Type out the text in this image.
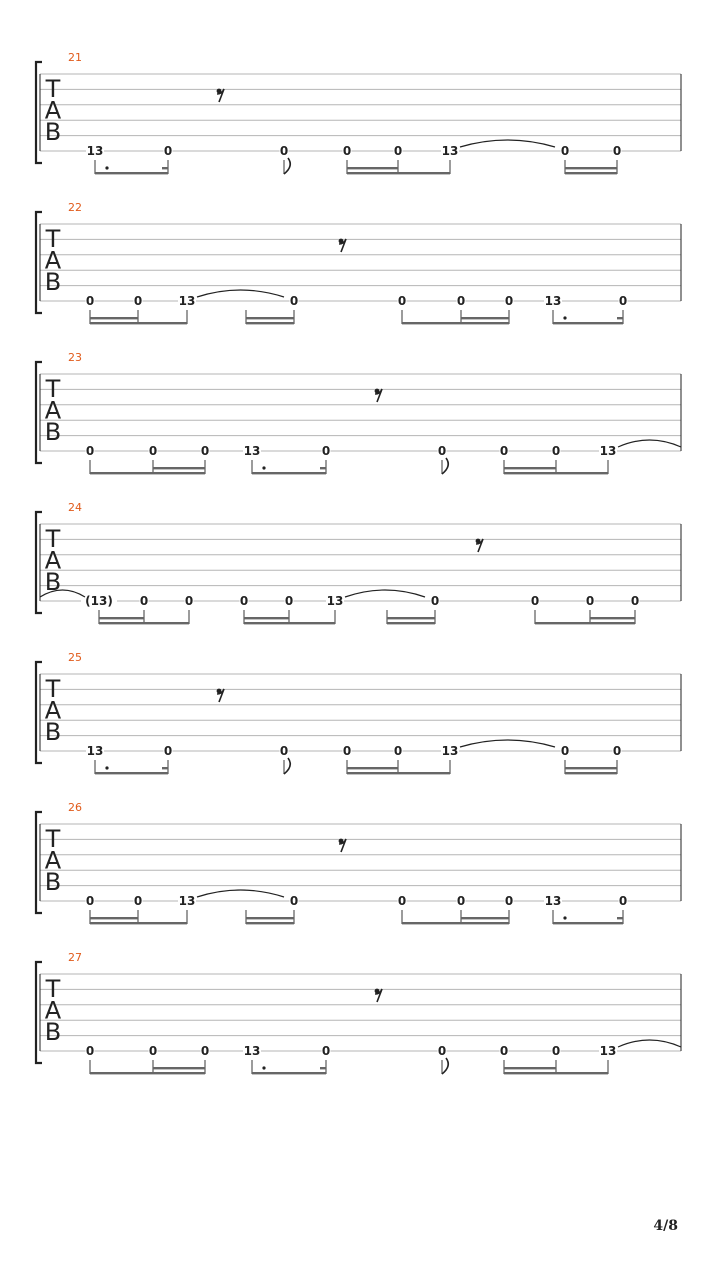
21
T
A
B
13	0	0	0	0	13	0	0
22
T
A
B
0	0	13	0	0	0	0	13	0
23
T
A
B
0	0	0	13	0	0	0	0	13
24
T
A
B
(13) 0	0	0	0	13	0	0	0	0
25
T
A
B
13	0	0	0	0	13	0	0
26
T
A
B
0	0	13	0	0	0	0	13	0
27
T
A
B
0	0	0	13	0	0	0	0	13
4/8
